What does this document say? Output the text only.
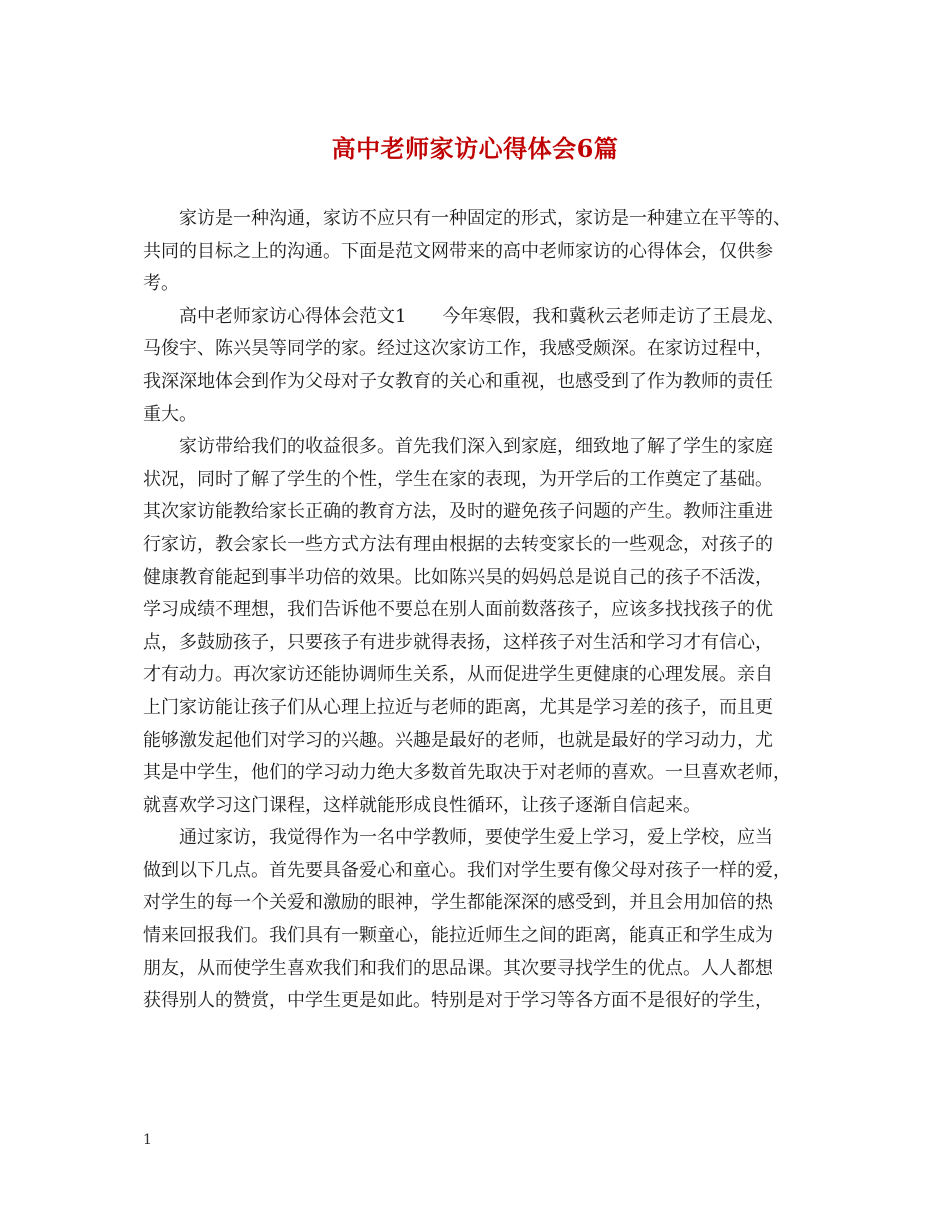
高中老师家访心得体会6篇

家访是一种沟通，家访不应只有一种固定的形式，家访是一种建立在平等的、
共同的目标之上的沟通。下面是范文网带来的高中老师家访的心得体会，仅供参
考。

高中老师家访心得体会范文1　　今年寒假，我和冀秋云老师走访了王晨龙、
马俊宇、陈兴昊等同学的家。经过这次家访工作，我感受颇深。在家访过程中，
我深深地体会到作为父母对子女教育的关心和重视，也感受到了作为教师的责任
重大。

家访带给我们的收益很多。首先我们深入到家庭，细致地了解了学生的家庭
状况，同时了解了学生的个性，学生在家的表现，为开学后的工作奠定了基础。
其次家访能教给家长正确的教育方法，及时的避免孩子问题的产生。教师注重进
行家访，教会家长一些方式方法有理由根据的去转变家长的一些观念，对孩子的
健康教育能起到事半功倍的效果。比如陈兴昊的妈妈总是说自己的孩子不活泼，
学习成绩不理想，我们告诉他不要总在别人面前数落孩子，应该多找找孩子的优
点，多鼓励孩子，只要孩子有进步就得表扬，这样孩子对生活和学习才有信心，
才有动力。再次家访还能协调师生关系，从而促进学生更健康的心理发展。亲自
上门家访能让孩子们从心理上拉近与老师的距离，尤其是学习差的孩子，而且更
能够激发起他们对学习的兴趣。兴趣是最好的老师，也就是最好的学习动力，尤
其是中学生，他们的学习动力绝大多数首先取决于对老师的喜欢。一旦喜欢老师，
就喜欢学习这门课程，这样就能形成良性循环，让孩子逐渐自信起来。

通过家访，我觉得作为一名中学教师，要使学生爱上学习，爱上学校，应当
做到以下几点。首先要具备爱心和童心。我们对学生要有像父母对孩子一样的爱，
对学生的每一个关爱和激励的眼神，学生都能深深的感受到，并且会用加倍的热
情来回报我们。我们具有一颗童心，能拉近师生之间的距离，能真正和学生成为
朋友，从而使学生喜欢我们和我们的思品课。其次要寻找学生的优点。人人都想
获得别人的赞赏，中学生更是如此。特别是对于学习等各方面不是很好的学生，

1
